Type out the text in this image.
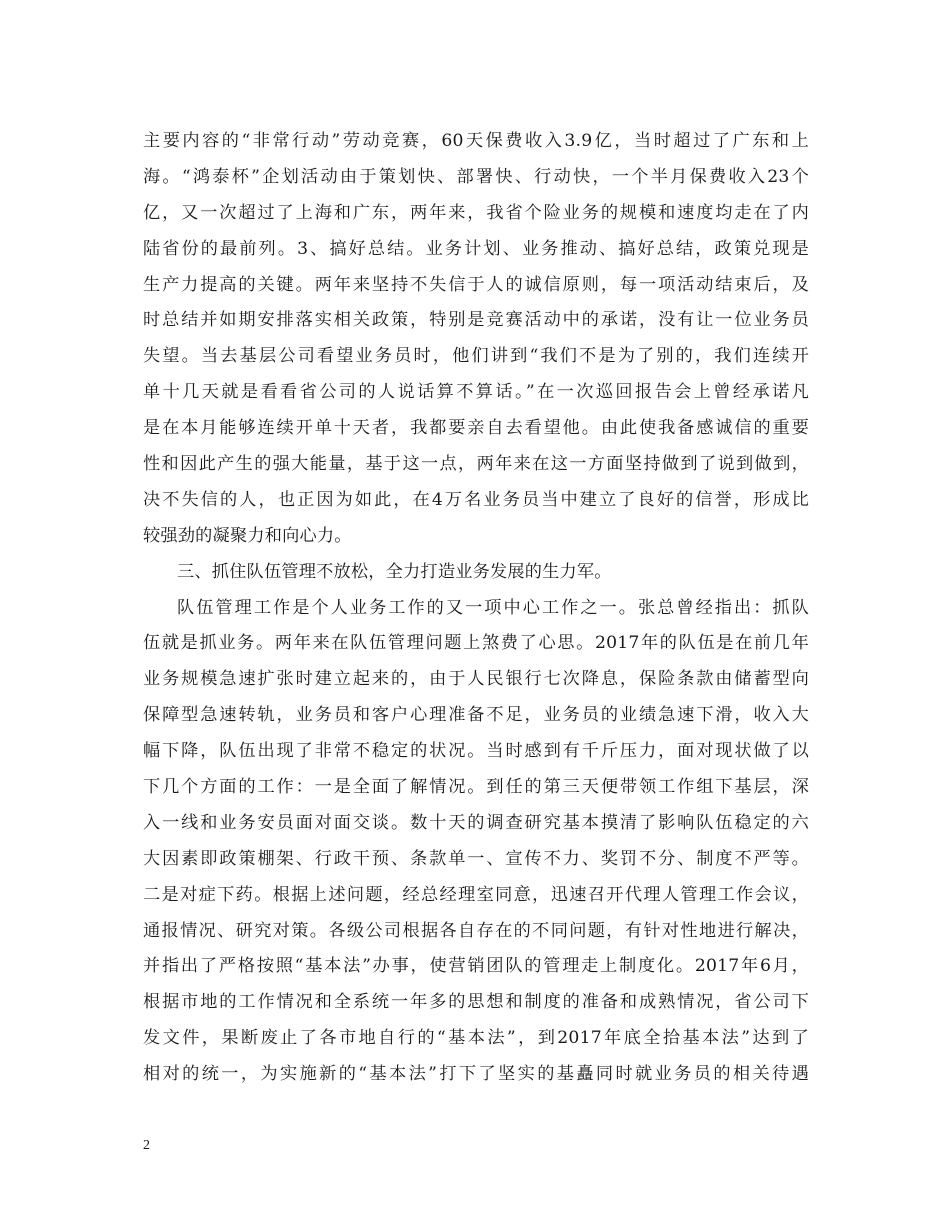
主要内容的“非常行动”劳动竞赛，60天保费收入3.9亿，当时超过了广东和上
海。“鸿泰杯”企划活动由于策划快、部署快、行动快，一个半月保费收入23个
亿，又一次超过了上海和广东，两年来，我省个险业务的规模和速度均走在了内
陆省份的最前列。3、搞好总结。业务计划、业务推动、搞好总结，政策兑现是
生产力提高的关键。两年来坚持不失信于人的诚信原则，每一项活动结束后，及
时总结并如期安排落实相关政策，特别是竞赛活动中的承诺，没有让一位业务员
失望。当去基层公司看望业务员时，他们讲到“我们不是为了别的，我们连续开
单十几天就是看看省公司的人说话算不算话。”在一次巡回报告会上曾经承诺凡
是在本月能够连续开单十天者，我都要亲自去看望他。由此使我备感诚信的重要
性和因此产生的强大能量，基于这一点，两年来在这一方面坚持做到了说到做到，
决不失信的人，也正因为如此，在4万名业务员当中建立了良好的信誉，形成比
较强劲的凝聚力和向心力。
三、抓住队伍管理不放松，全力打造业务发展的生力军。
队伍管理工作是个人业务工作的又一项中心工作之一。张总曾经指出：抓队
伍就是抓业务。两年来在队伍管理问题上煞费了心思。2017年的队伍是在前几年
业务规模急速扩张时建立起来的，由于人民银行七次降息，保险条款由储蓄型向
保障型急速转轨，业务员和客户心理准备不足，业务员的业绩急速下滑，收入大
幅下降，队伍出现了非常不稳定的状况。当时感到有千斤压力，面对现状做了以
下几个方面的工作：一是全面了解情况。到任的第三天便带领工作组下基层，深
入一线和业务安员面对面交谈。数十天的调查研究基本摸清了影响队伍稳定的六
大因素即政策棚架、行政干预、条款单一、宣传不力、奖罚不分、制度不严等。
二是对症下药。根据上述问题，经总经理室同意，迅速召开代理人管理工作会议，
通报情况、研究对策。各级公司根据各自存在的不同问题，有针对性地进行解决，
并指出了严格按照“基本法”办事，使营销团队的管理走上制度化。2017年6月，
根据市地的工作情况和全系统一年多的思想和制度的准备和成熟情况，省公司下
发文件，果断废止了各市地自行的“基本法”，到2017年底全拾基本法”达到了
相对的统一，为实施新的“基本法”打下了坚实的基矗同时就业务员的相关待遇
2
